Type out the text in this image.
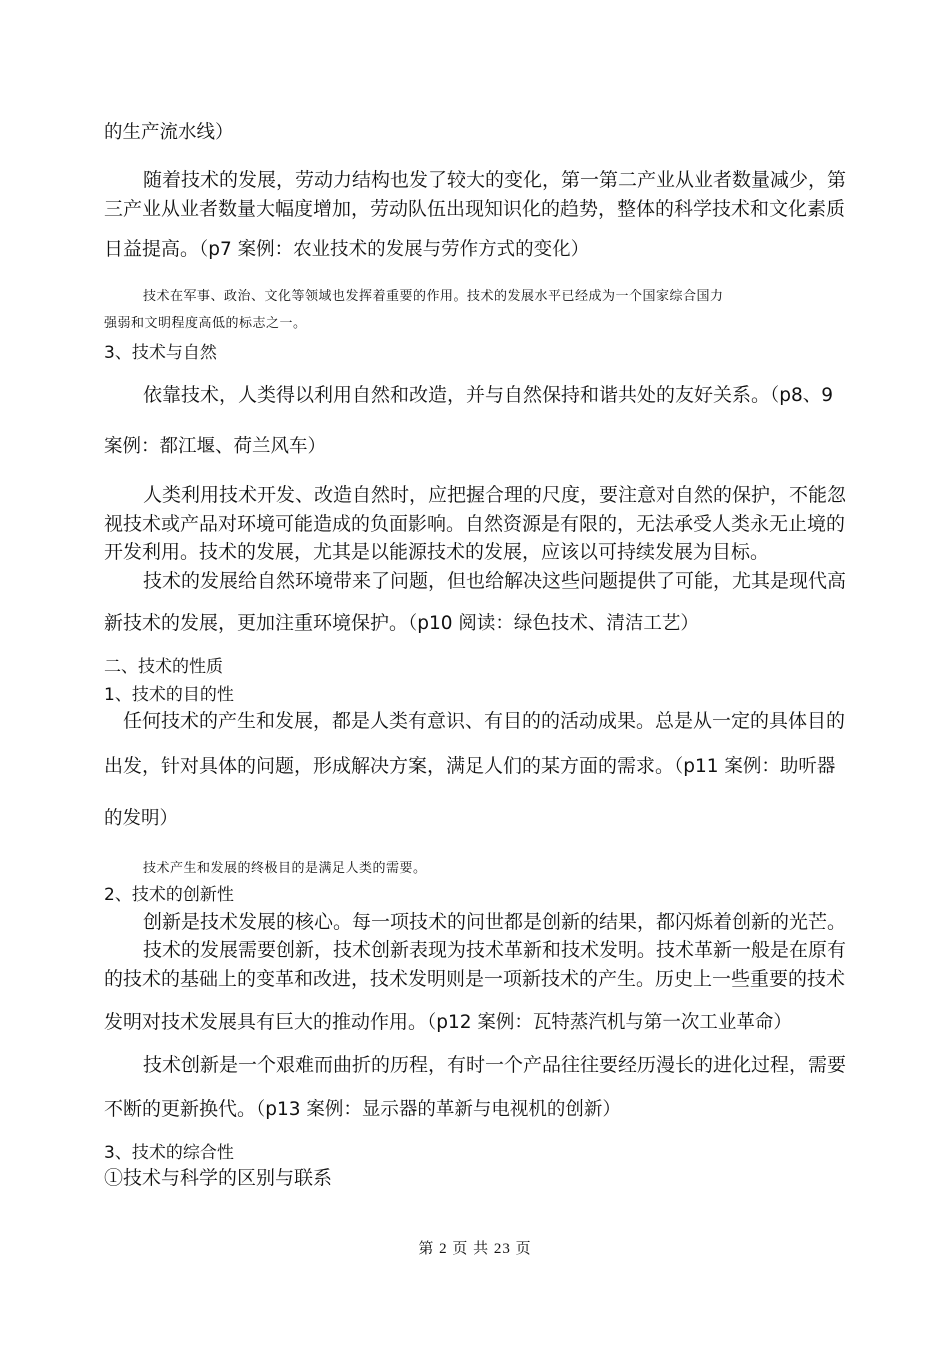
的生产流水线）
随着技术的发展，劳动力结构也发了较大的变化，第一第二产业从业者数量减少，第
三产业从业者数量大幅度增加，劳动队伍出现知识化的趋势，整体的科学技术和文化素质
日益提高。（p7 案例：农业技术的发展与劳作方式的变化）
技术在军事、政治、文化等领域也发挥着重要的作用。技术的发展水平已经成为一个国家综合国力
强弱和文明程度高低的标志之一。
3、技术与自然
依靠技术，人类得以利用自然和改造，并与自然保持和谐共处的友好关系。（p8、9
案例：都江堰、荷兰风车）
人类利用技术开发、改造自然时，应把握合理的尺度，要注意对自然的保护，不能忽
视技术或产品对环境可能造成的负面影响。自然资源是有限的，无法承受人类永无止境的
开发利用。技术的发展，尤其是以能源技术的发展，应该以可持续发展为目标。
技术的发展给自然环境带来了问题，但也给解决这些问题提供了可能，尤其是现代高
新技术的发展，更加注重环境保护。（p10 阅读：绿色技术、清洁工艺）
二、技术的性质
1、技术的目的性
任何技术的产生和发展，都是人类有意识、有目的的活动成果。总是从一定的具体目的
出发，针对具体的问题，形成解决方案，满足人们的某方面的需求。（p11 案例：助听器
的发明）
技术产生和发展的终极目的是满足人类的需要。
2、技术的创新性
创新是技术发展的核心。每一项技术的问世都是创新的结果，都闪烁着创新的光芒。
技术的发展需要创新，技术创新表现为技术革新和技术发明。技术革新一般是在原有
的技术的基础上的变革和改进，技术发明则是一项新技术的产生。历史上一些重要的技术
发明对技术发展具有巨大的推动作用。（p12 案例：瓦特蒸汽机与第一次工业革命）
技术创新是一个艰难而曲折的历程，有时一个产品往往要经历漫长的进化过程，需要
不断的更新换代。（p13 案例：显示器的革新与电视机的创新）
3、技术的综合性
①技术与科学的区别与联系
第 2 页 共 23 页
